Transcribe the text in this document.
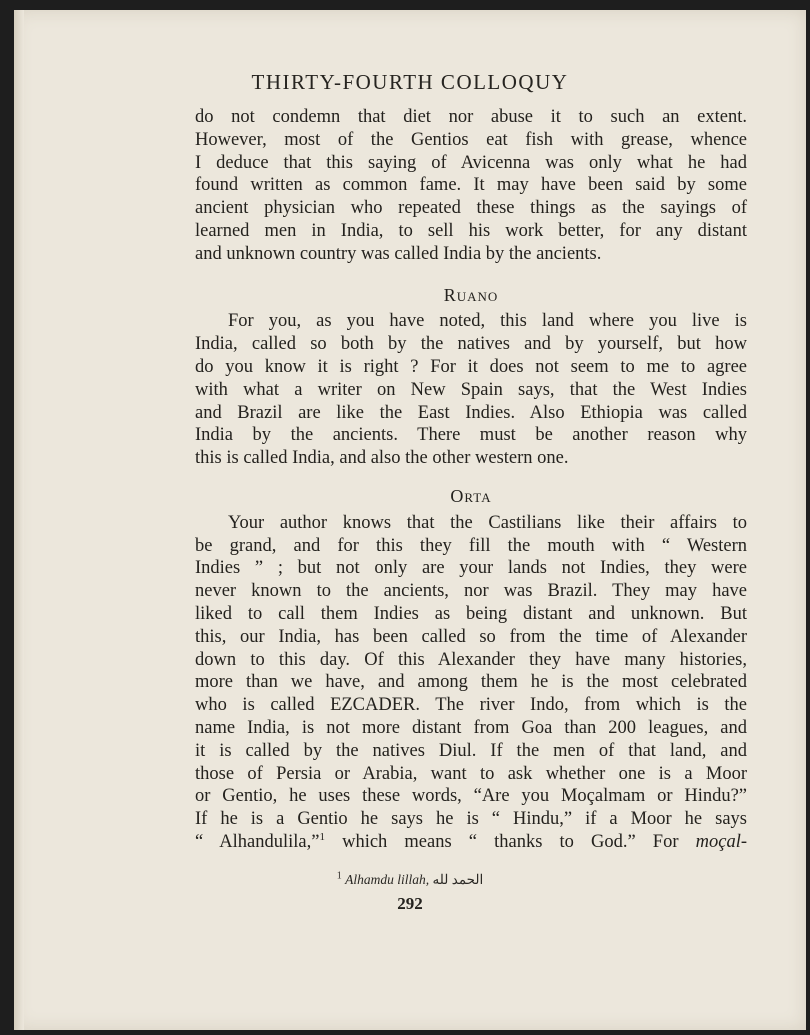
THIRTY-FOURTH COLLOQUY
do not condemn that diet nor abuse it to such an extent.
However, most of the Gentios eat fish with grease, whence
I deduce that this saying of Avicenna was only what he had
found written as common fame. It may have been said by some
ancient physician who repeated these things as the sayings of
learned men in India, to sell his work better, for any distant
and unknown country was called India by the ancients.
Ruano
For you, as you have noted, this land where you live is
India, called so both by the natives and by yourself, but how
do you know it is right ? For it does not seem to me to agree
with what a writer on New Spain says, that the West Indies
and Brazil are like the East Indies. Also Ethiopia was called
India by the ancients. There must be another reason why
this is called India, and also the other western one.
Orta
Your author knows that the Castilians like their affairs to
be grand, and for this they fill the mouth with “ Western
Indies ” ; but not only are your lands not Indies, they were
never known to the ancients, nor was Brazil. They may have
liked to call them Indies as being distant and unknown. But
this, our India, has been called so from the time of Alexander
down to this day. Of this Alexander they have many histories,
more than we have, and among them he is the most celebrated
who is called EZCADER. The river Indo, from which is the
name India, is not more distant from Goa than 200 leagues, and
it is called by the natives Diul. If the men of that land, and
those of Persia or Arabia, want to ask whether one is a Moor
or Gentio, he uses these words, “Are you Moçalmam or Hindu?”
If he is a Gentio he says he is “ Hindu,” if a Moor he says
“ Alhandulila,”$^1$ which means “ thanks to God.” For moçal-
$^1$ Alhamdu lillah, الحمد لله
292
